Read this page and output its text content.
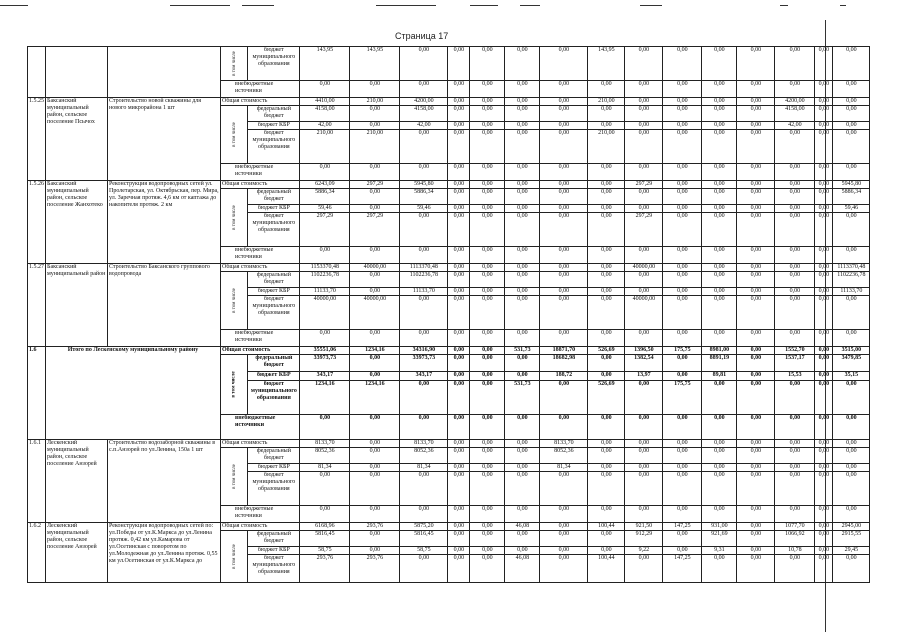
Страница 17
			в том числе	бюджет муниципального образования	143,95	143,95	0,00	0,00	0,00	0,00	0,00	143,95	0,00	0,00	0,00	0,00	0,00	0,00	0,00
			внебюджетные источники		0,00	0,00	0,00	0,00	0,00	0,00	0,00	0,00	0,00	0,00	0,00	0,00	0,00	0,00	0,00
1.5.25	Баксанский муниципальный район, сельское поселение Псычох	Строительство новой скважины для нового микрорайона 1 шт	Общая стоимость		4410,00	210,00	4200,00	0,00	0,00	0,00	0,00	210,00	0,00	0,00	0,00	0,00	4200,00	0,00	0,00
			в том числе	федеральный бюджет	4158,00	0,00	4158,00	0,00	0,00	0,00	0,00	0,00	0,00	0,00	0,00	0,00	4158,00	0,00	0,00
				бюджет КБР	42,00	0,00	42,00	0,00	0,00	0,00	0,00	0,00	0,00	0,00	0,00	0,00	42,00	0,00	0,00
				бюджет муниципального образования	210,00	210,00	0,00	0,00	0,00	0,00	0,00	210,00	0,00	0,00	0,00	0,00	0,00	0,00	0,00
			внебюджетные источники		0,00	0,00	0,00	0,00	0,00	0,00	0,00	0,00	0,00	0,00	0,00	0,00	0,00	0,00	0,00
1.5.26	Баксанский муниципальный район, сельское поселение Жанхотеко	Реконструкция водопроводных сетей ул. Пролетарская, ул. Октябрьская, пер. Мира, ул. Заречная протяж. 4,6 км от каптажа до накопителя протяж. 2 км	Общая стоимость		6243,09	297,29	5945,80	0,00	0,00	0,00	0,00	0,00	297,29	0,00	0,00	0,00	0,00	0,00	5945,80
			в том числе	федеральный бюджет	5886,34	0,00	5886,34	0,00	0,00	0,00	0,00	0,00	0,00	0,00	0,00	0,00	0,00	0,00	5886,34
				бюджет КБР	59,46	0,00	59,46	0,00	0,00	0,00	0,00	0,00	0,00	0,00	0,00	0,00	0,00	0,00	59,46
				бюджет муниципального образования	297,29	297,29	0,00	0,00	0,00	0,00	0,00	0,00	297,29	0,00	0,00	0,00	0,00	0,00	0,00
			внебюджетные источники		0,00	0,00	0,00	0,00	0,00	0,00	0,00	0,00	0,00	0,00	0,00	0,00	0,00	0,00	0,00
1.5.27	Баксанский муниципальный район	Строительство Баксанского группового водопровода	Общая стоимость		1153370,48	40000,00	1113370,48	0,00	0,00	0,00	0,00	0,00	40000,00	0,00	0,00	0,00	0,00	0,00	1113370,48
			в том числе	федеральный бюджет	1102236,78	0,00	1102236,78	0,00	0,00	0,00	0,00	0,00	0,00	0,00	0,00	0,00	0,00	0,00	1102236,78
				бюджет КБР	11133,70	0,00	11133,70	0,00	0,00	0,00	0,00	0,00	0,00	0,00	0,00	0,00	0,00	0,00	11133,70
				бюджет муниципального образования	40000,00	40000,00	0,00	0,00	0,00	0,00	0,00	0,00	40000,00	0,00	0,00	0,00	0,00	0,00	0,00
			внебюджетные источники		0,00	0,00	0,00	0,00	0,00	0,00	0,00	0,00	0,00	0,00	0,00	0,00	0,00	0,00	0,00
1.6	Итого по Лескенскому муниципальному району		Общая стоимость		35551,06	1234,16	34316,90	0,00	0,00	531,73	18871,70	526,69	1396,50	175,75	8981,00	0,00	1552,70	0,00	3515,00
			в том числе	федеральный бюджет	33973,73	0,00	33973,73	0,00	0,00	0,00	18682,98	0,00	1382,54	0,00	8891,19	0,00	1537,17	0,00	3479,85
				бюджет КБР	343,17	0,00	343,17	0,00	0,00	0,00	188,72	0,00	13,97	0,00	89,81	0,00	15,53	0,00	35,15
				бюджет муниципального образования	1234,16	1234,16	0,00	0,00	0,00	531,73	0,00	526,69	0,00	175,75	0,00	0,00	0,00	0,00	0,00
			внебюджетные источники		0,00	0,00	0,00	0,00	0,00	0,00	0,00	0,00	0,00	0,00	0,00	0,00	0,00	0,00	0,00
1.6.1	Лескенский муниципальный район, сельское поселение Анзорей	Строительство водозаборной скважины в с.п.Анзорей по ул.Ленина, 150а 1 шт	Общая стоимость		8133,70	0,00	8133,70	0,00	0,00	0,00	8133,70	0,00	0,00	0,00	0,00	0,00	0,00	0,00	0,00
			в том числе	федеральный бюджет	8052,36	0,00	8052,36	0,00	0,00	0,00	8052,36	0,00	0,00	0,00	0,00	0,00	0,00	0,00	0,00
				бюджет КБР	81,34	0,00	81,34	0,00	0,00	0,00	81,34	0,00	0,00	0,00	0,00	0,00	0,00	0,00	0,00
				бюджет муниципального образования	0,00	0,00	0,00	0,00	0,00	0,00	0,00	0,00	0,00	0,00	0,00	0,00	0,00	0,00	0,00
			внебюджетные источники		0,00	0,00	0,00	0,00	0,00	0,00	0,00	0,00	0,00	0,00	0,00	0,00	0,00	0,00	0,00
1.6.2	Лескенский муниципальный район, сельское поселение Анзорей	Реконструкция водопроводных сетей по: ул.Победы от ул.К.Маркса до ул.Ленина протяж. 0,42 км ул.Камарова от ул.Осетинская с поворотом по ул.Молодежная до ул.Ленина протяж. 0,55 км ул.Осетинская от ул.К.Маркса до	Общая стоимость		6168,96	293,76	5875,20	0,00	0,00	46,08	0,00	100,44	921,50	147,25	931,00	0,00	1077,70	0,00	2945,00
			в том числе	федеральный бюджет	5816,45	0,00	5816,45	0,00	0,00	0,00	0,00	0,00	912,29	0,00	921,69	0,00	1066,92	0,00	2915,55
				бюджет КБР	58,75	0,00	58,75	0,00	0,00	0,00	0,00	0,00	9,22	0,00	9,31	0,00	10,78	0,00	29,45
				бюджет муниципального образования	293,76	293,76	0,00	0,00	0,00	46,08	0,00	100,44	0,00	147,25	0,00	0,00	0,00	0,00	0,00
